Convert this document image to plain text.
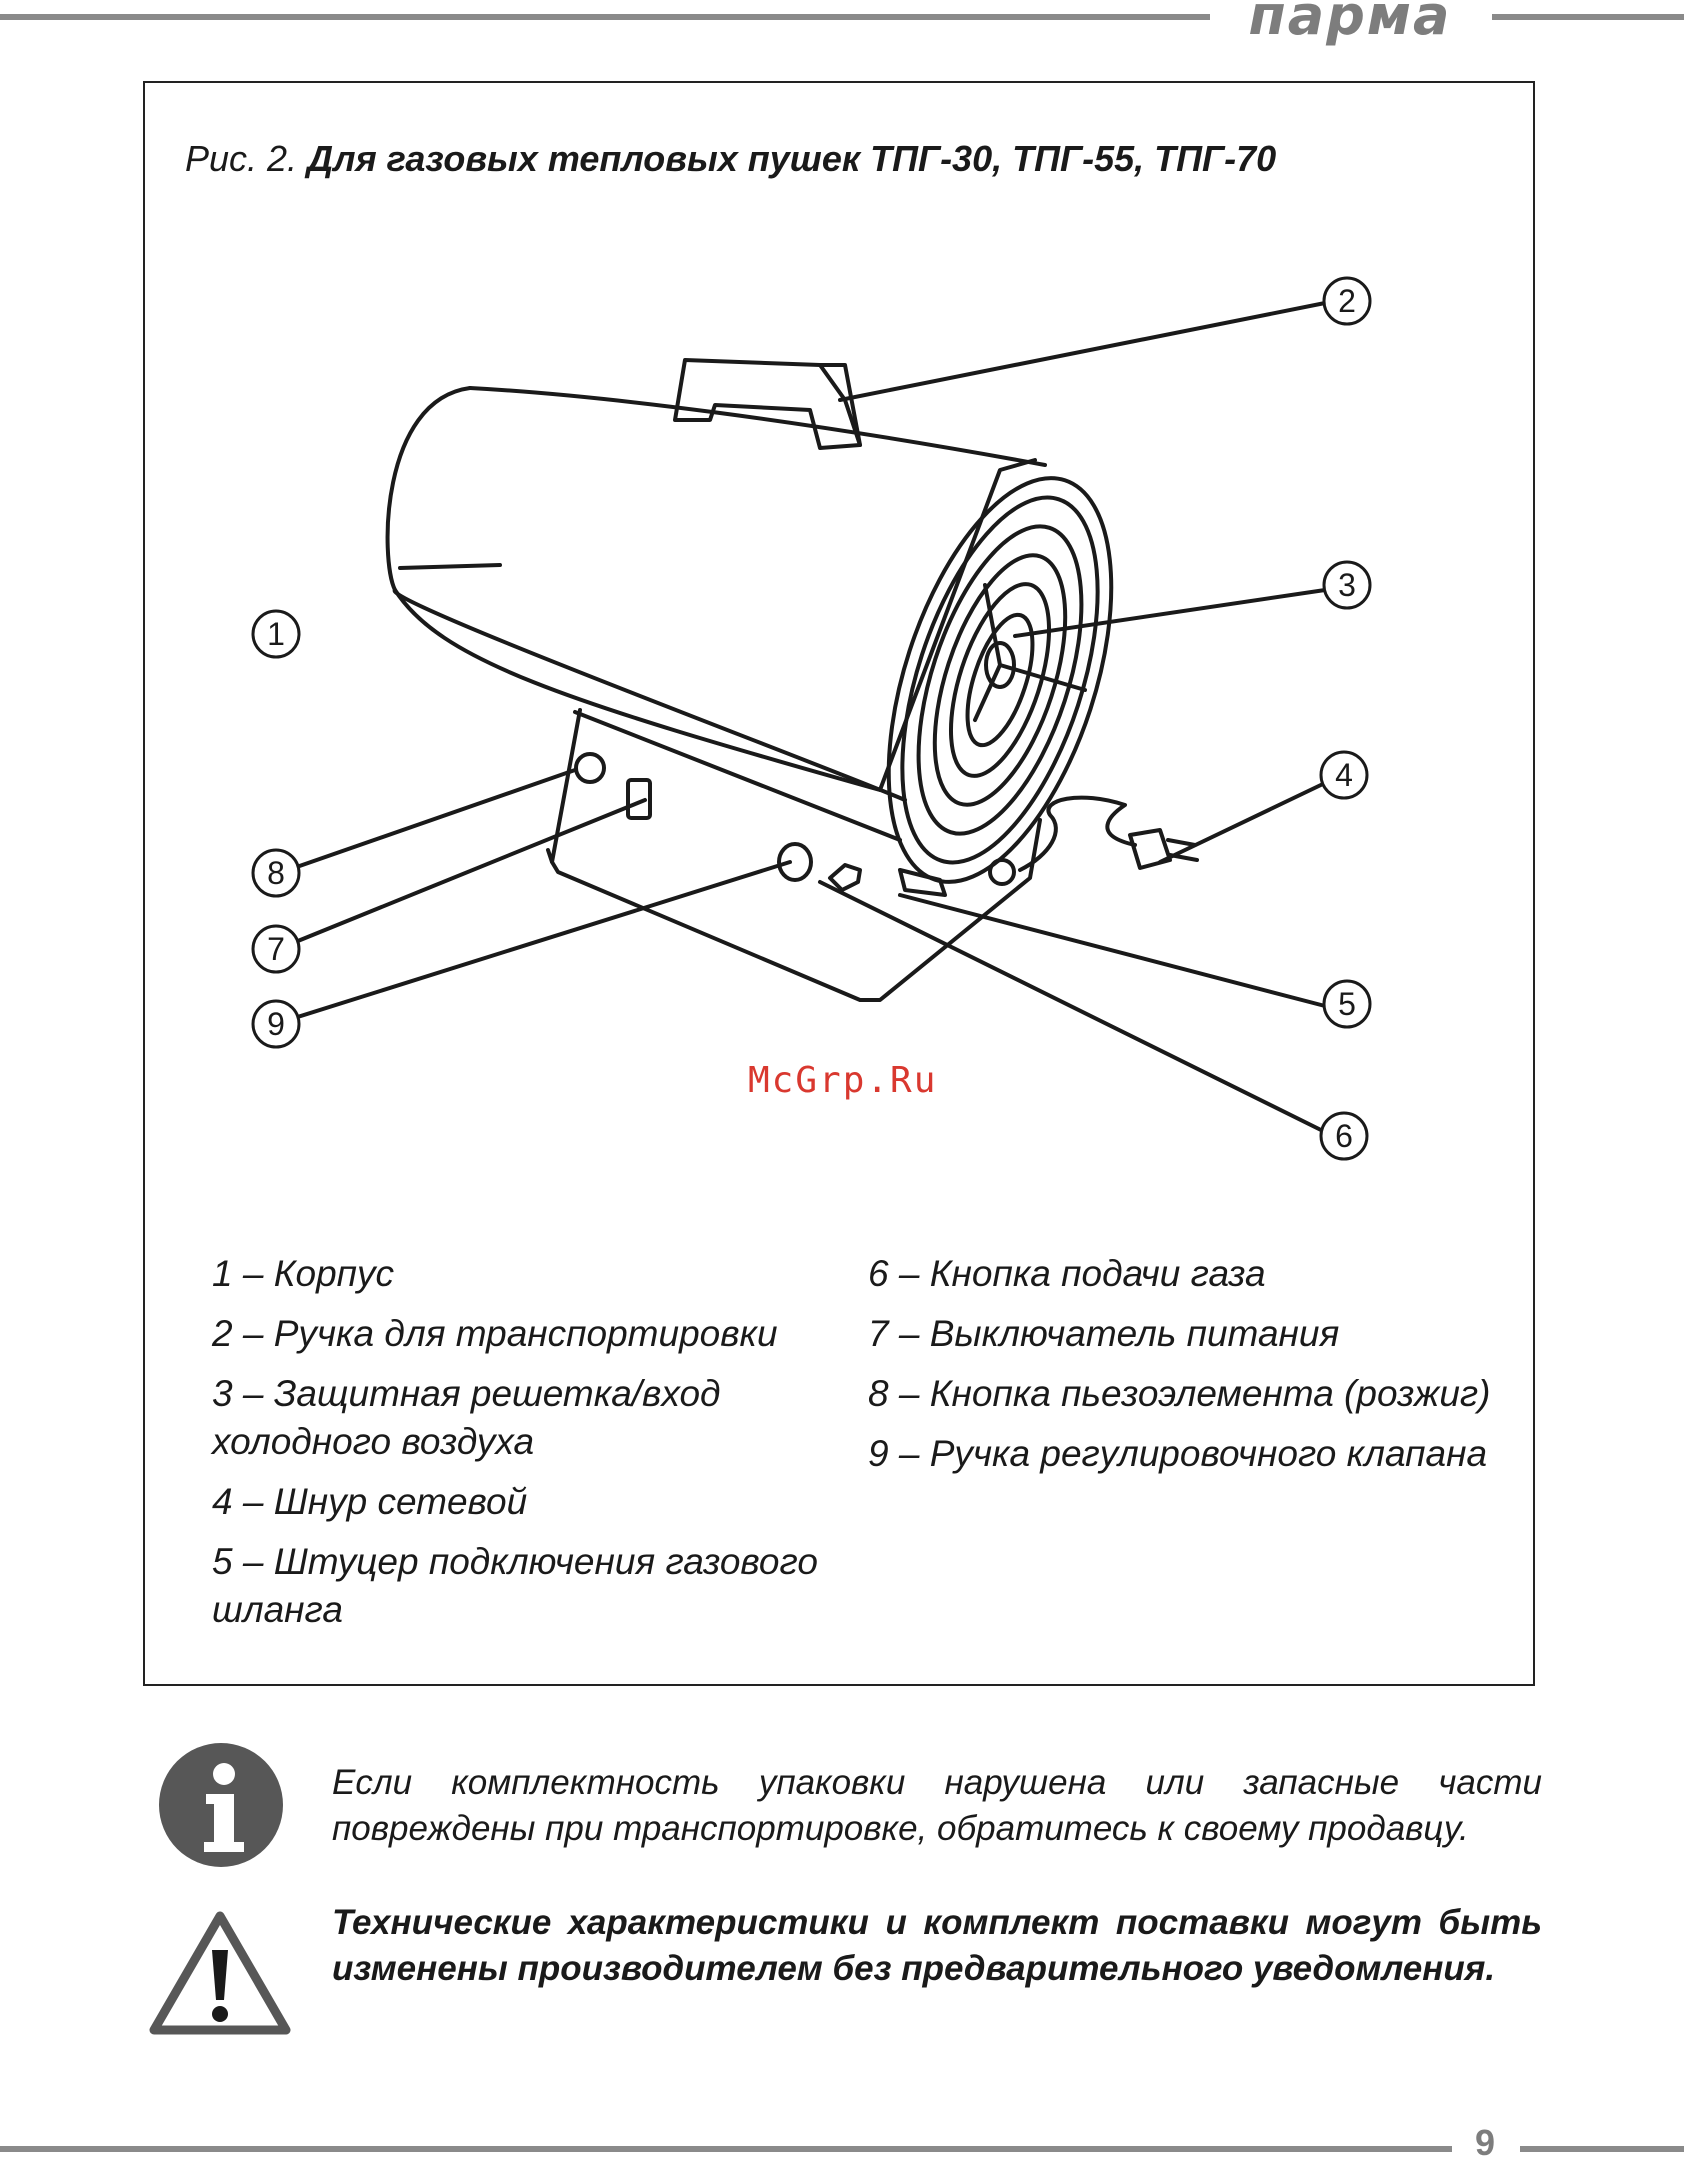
парма
Рис. 2. Для газовых тепловых пушек ТПГ-30, ТПГ-55, ТПГ-70
1
2
3
4
5
6
7
8
9
McGrp.Ru
1 – Корпус
2 – Ручка для транспортировки
3 – Защитная решетка/вход холодного воздуха
4 – Шнур сетевой
5 – Штуцер подключения газового шланга
6 – Кнопка подачи газа
7 – Выключатель питания
8 – Кнопка пьезоэлемента (розжиг)
9 – Ручка регулировочного клапана
Если комплектность упаковки нарушена или запасные части повреждены при транспортировке, обратитесь к своему продавцу.
Технические характеристики и комплект поставки могут быть изменены производителем без предварительного уведомления.
9
